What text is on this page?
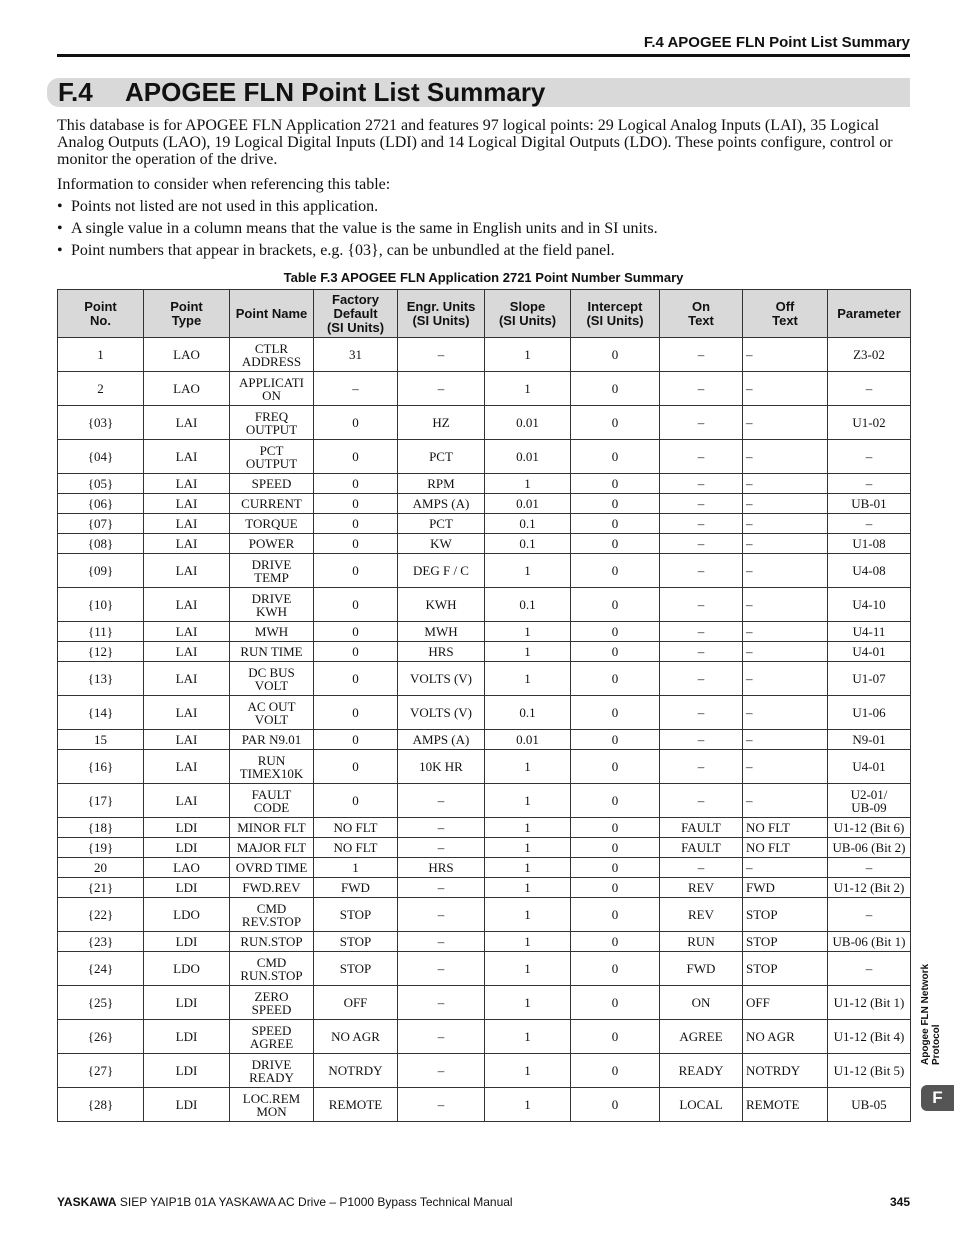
F.4 APOGEE FLN Point List Summary
F.4 APOGEE FLN Point List Summary
This database is for APOGEE FLN Application 2721 and features 97 logical points: 29 Logical Analog Inputs (LAI), 35 Logical Analog Outputs (LAO), 19 Logical Digital Inputs (LDI) and 14 Logical Digital Outputs (LDO). These points configure, control or monitor the operation of the drive.
Information to consider when referencing this table:
• Points not listed are not used in this application.
• A single value in a column means that the value is the same in English units and in SI units.
• Point numbers that appear in brackets, e.g. {03}, can be unbundled at the field panel.
Table F.3 APOGEE FLN Application 2721 Point Number Summary
Point
No.	Point
Type	Point Name	Factory
Default
(SI Units)	Engr. Units
(SI Units)	Slope
(SI Units)	Intercept
(SI Units)	On
Text	Off
Text	Parameter
1	LAO	CTLR
ADDRESS	31	–	1	0	–	–	Z3-02
2	LAO	APPLICATI
ON	–	–	1	0	–	–	–
{03}	LAI	FREQ
OUTPUT	0	HZ	0.01	0	–	–	U1-02
{04}	LAI	PCT
OUTPUT	0	PCT	0.01	0	–	–	–
{05}	LAI	SPEED	0	RPM	1	0	–	–	–
{06}	LAI	CURRENT	0	AMPS (A)	0.01	0	–	–	UB-01
{07}	LAI	TORQUE	0	PCT	0.1	0	–	–	–
{08}	LAI	POWER	0	KW	0.1	0	–	–	U1-08
{09}	LAI	DRIVE
TEMP	0	DEG F / C	1	0	–	–	U4-08
{10}	LAI	DRIVE
KWH	0	KWH	0.1	0	–	–	U4-10
{11}	LAI	MWH	0	MWH	1	0	–	–	U4-11
{12}	LAI	RUN TIME	0	HRS	1	0	–	–	U4-01
{13}	LAI	DC BUS
VOLT	0	VOLTS (V)	1	0	–	–	U1-07
{14}	LAI	AC OUT
VOLT	0	VOLTS (V)	0.1	0	–	–	U1-06
15	LAI	PAR N9.01	0	AMPS (A)	0.01	0	–	–	N9-01
{16}	LAI	RUN
TIMEX10K	0	10K HR	1	0	–	–	U4-01
{17}	LAI	FAULT
CODE	0	–	1	0	–	–	U2-01/
UB-09
{18}	LDI	MINOR FLT	NO FLT	–	1	0	FAULT	NO FLT	U1-12 (Bit 6)
{19}	LDI	MAJOR FLT	NO FLT	–	1	0	FAULT	NO FLT	UB-06 (Bit 2)
20	LAO	OVRD TIME	1	HRS	1	0	–	–	–
{21}	LDI	FWD.REV	FWD	–	1	0	REV	FWD	U1-12 (Bit 2)
{22}	LDO	CMD
REV.STOP	STOP	–	1	0	REV	STOP	–
{23}	LDI	RUN.STOP	STOP	–	1	0	RUN	STOP	UB-06 (Bit 1)
{24}	LDO	CMD
RUN.STOP	STOP	–	1	0	FWD	STOP	–
{25}	LDI	ZERO
SPEED	OFF	–	1	0	ON	OFF	U1-12 (Bit 1)
{26}	LDI	SPEED
AGREE	NO AGR	–	1	0	AGREE	NO AGR	U1-12 (Bit 4)
{27}	LDI	DRIVE
READY	NOTRDY	–	1	0	READY	NOTRDY	U1-12 (Bit 5)
{28}	LDI	LOC.REM
MON	REMOTE	–	1	0	LOCAL	REMOTE	UB-05
Apogee FLN Network Protocol
F
YASKAWA SIEP YAIP1B 01A YASKAWA AC Drive – P1000 Bypass Technical Manual	345
